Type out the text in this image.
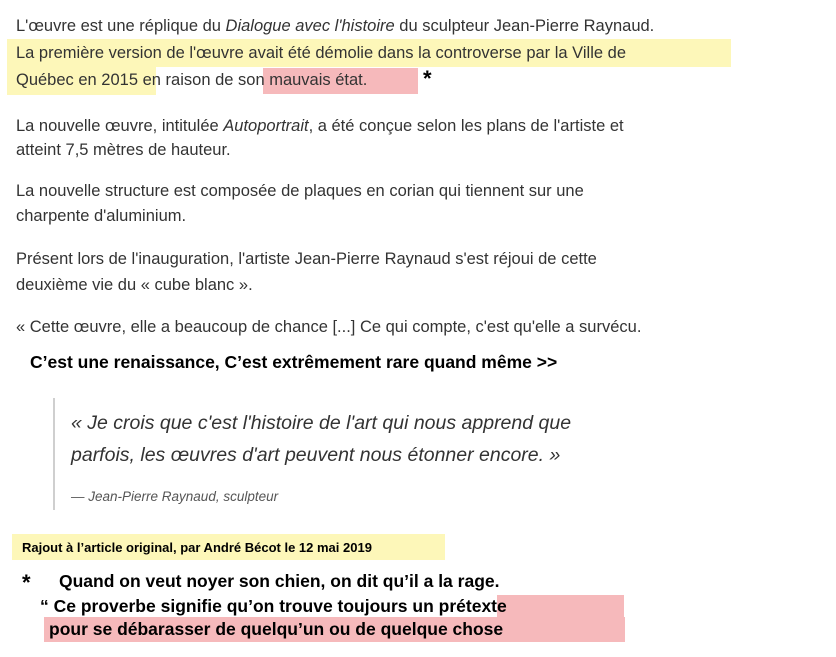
L'œuvre est une réplique du Dialogue avec l'histoire du sculpteur Jean-Pierre Raynaud.
La première version de l'œuvre avait été démolie dans la controverse par la Ville de
Québec en 2015 en raison de son mauvais état.	*
La nouvelle œuvre, intitulée Autoportrait, a été conçue selon les plans de l'artiste et
atteint 7,5 mètres de hauteur.
La nouvelle structure est composée de plaques en corian qui tiennent sur une
charpente d'aluminium.
Présent lors de l'inauguration, l'artiste Jean-Pierre Raynaud s'est réjoui de cette
deuxième vie du « cube blanc ».
« Cette œuvre, elle a beaucoup de chance [...] Ce qui compte, c'est qu'elle a survécu.
C’est une renaissance, C’est extrêmement rare quand même >>
« Je crois que c'est l'histoire de l'art qui nous apprend que
parfois, les œuvres d'art peuvent nous étonner encore. »
— Jean-Pierre Raynaud, sculpteur
Rajout à l’article original, par André Bécot le 12 mai 2019
* Quand on veut noyer son chien, on dit qu’il a la rage.
“ Ce proverbe signifie qu’on trouve toujours un prétexte
pour se débarasser de quelqu’un ou de quelque chose
